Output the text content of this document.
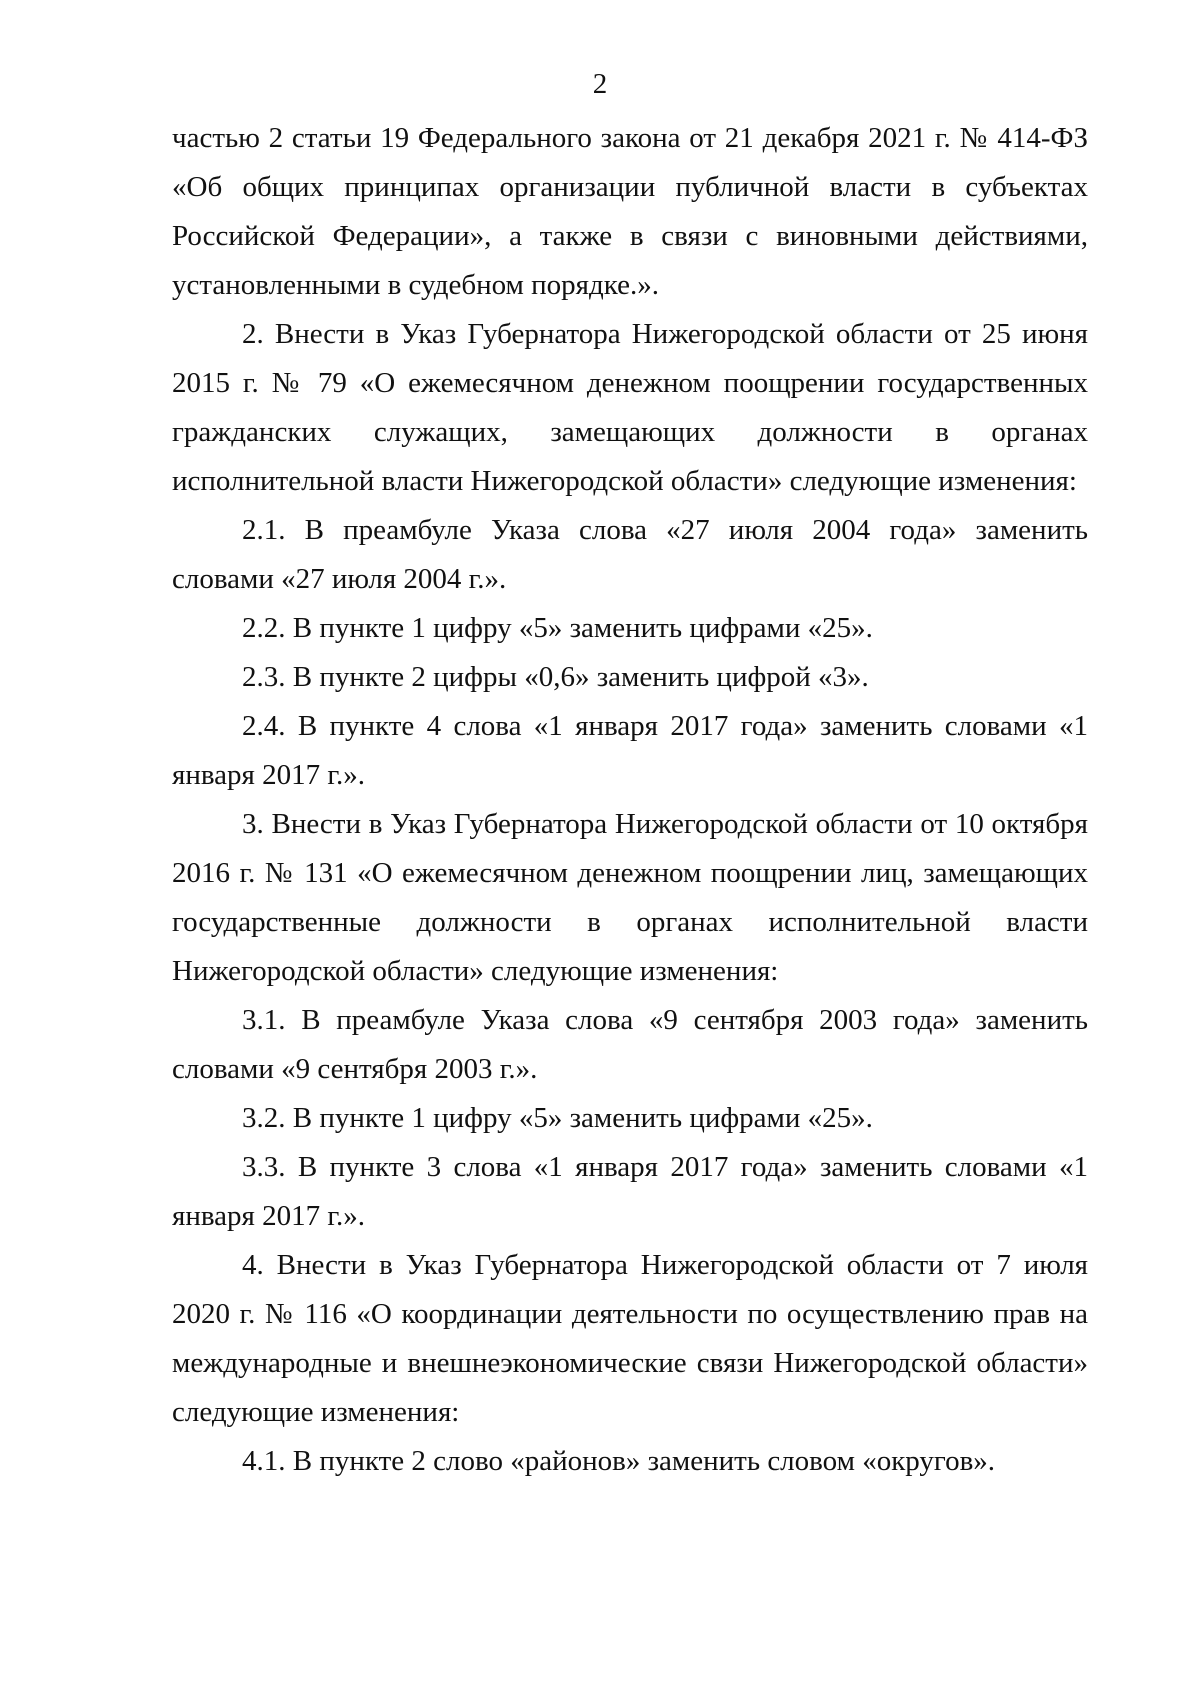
2

частью 2 статьи 19 Федерального закона от 21 декабря 2021 г. № 414-ФЗ «Об общих принципах организации публичной власти в субъектах Российской Федерации», а также в связи с виновными действиями, установленными в судебном порядке.».

2. Внести в Указ Губернатора Нижегородской области от 25 июня 2015 г. № 79 «О ежемесячном денежном поощрении государственных гражданских служащих, замещающих должности в органах исполнительной власти Нижегородской области» следующие изменения:

2.1. В преамбуле Указа слова «27 июля 2004 года» заменить словами «27 июля 2004 г.».

2.2. В пункте 1 цифру «5» заменить цифрами «25».

2.3. В пункте 2 цифры «0,6» заменить цифрой «3».

2.4. В пункте 4 слова «1 января 2017 года» заменить словами «1 января 2017 г.».

3. Внести в Указ Губернатора Нижегородской области от 10 октября 2016 г. № 131 «О ежемесячном денежном поощрении лиц, замещающих государственные должности в органах исполнительной власти Нижегородской области» следующие изменения:

3.1. В преамбуле Указа слова «9 сентября 2003 года» заменить словами «9 сентября 2003 г.».

3.2. В пункте 1 цифру «5» заменить цифрами «25».

3.3. В пункте 3 слова «1 января 2017 года» заменить словами «1 января 2017 г.».

4. Внести в Указ Губернатора Нижегородской области от 7 июля 2020 г. № 116 «О координации деятельности по осуществлению прав на международные и внешнеэкономические связи Нижегородской области» следующие изменения:

4.1. В пункте 2 слово «районов» заменить словом «округов».
